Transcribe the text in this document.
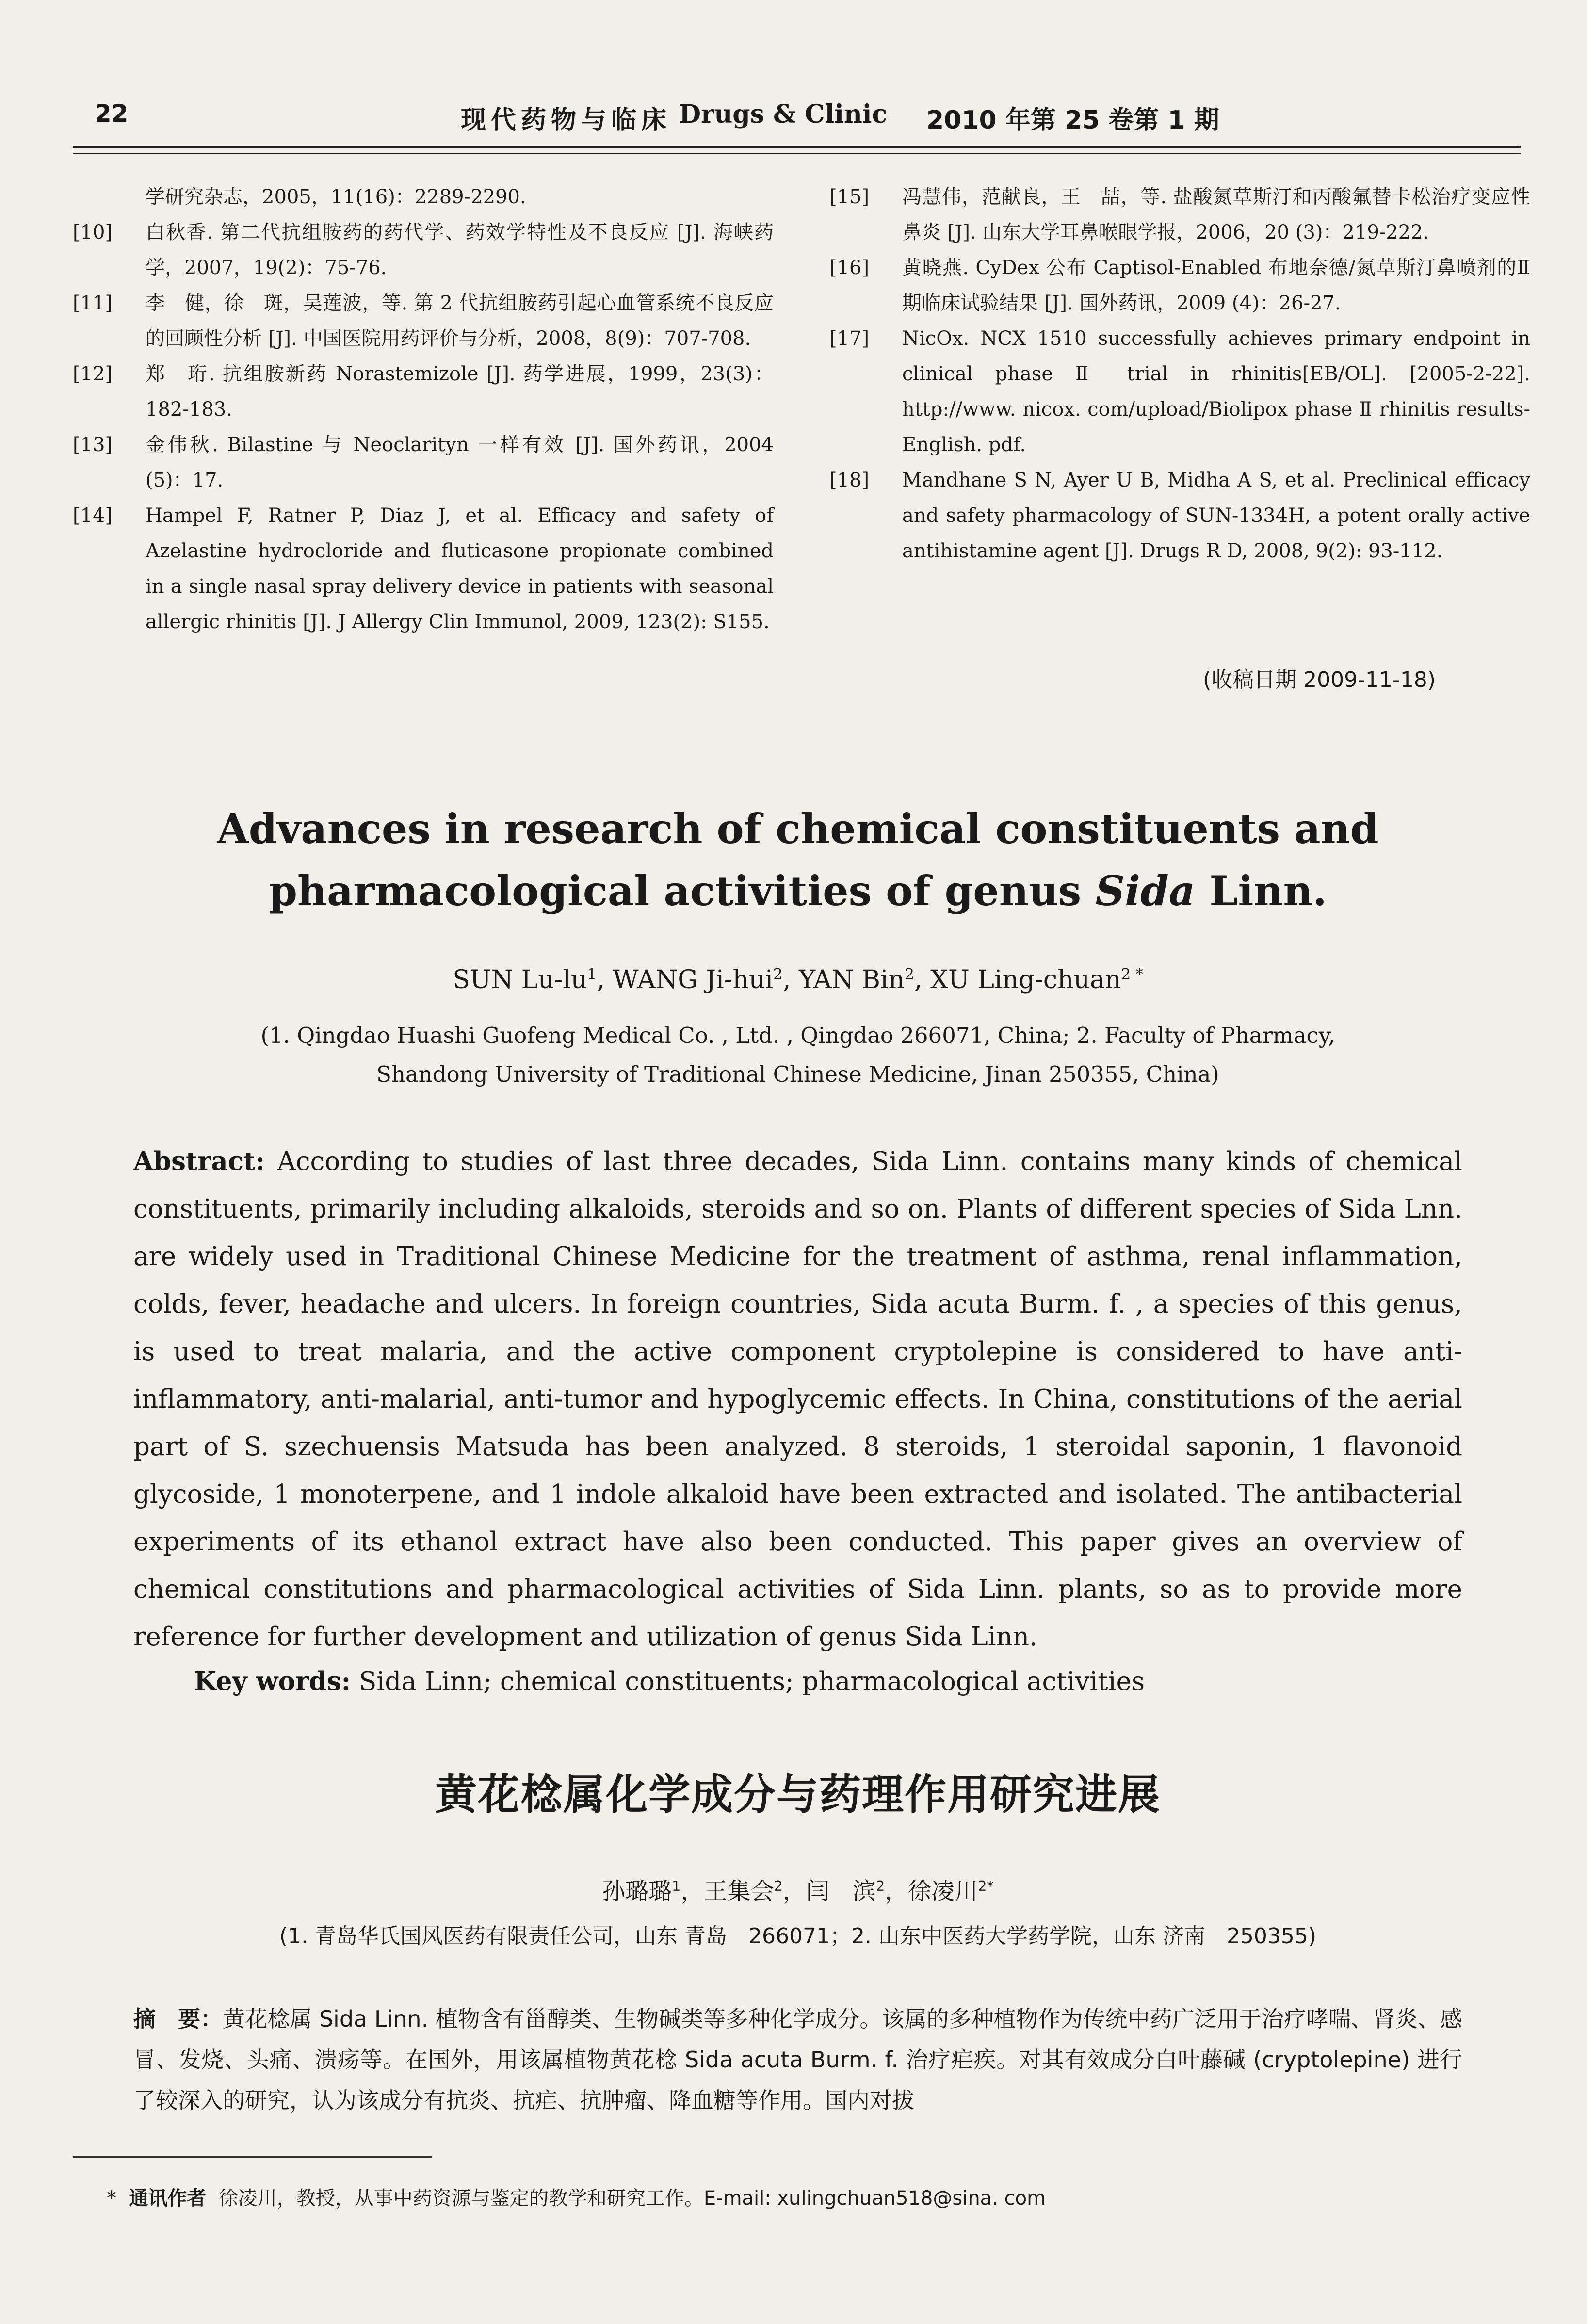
22	现代药物与临床 Drugs & Clinic 2010 年第 25 卷第 1 期

学研究杂志，2005，11(16)：2289-2290.

[10] 白秋香. 第二代抗组胺药的药代学、药效学特性及不良反应 [J]. 海峡药学，2007，19(2)：75-76.

[11] 李　健，徐　斑，吴莲波，等. 第 2 代抗组胺药引起心血管系统不良反应的回顾性分析 [J]. 中国医院用药评价与分析，2008，8(9)：707-708.

[12] 郑　珩. 抗组胺新药 Norastemizole [J]. 药学进展，1999，23(3)：182-183.

[13] 金伟秋. Bilastine 与 Neoclarityn 一样有效 [J]. 国外药讯，2004 (5)：17.

[14] Hampel F, Ratner P, Diaz J, et al. Efficacy and safety of Azelastine hydrocloride and fluticasone propionate combined in a single nasal spray delivery device in patients with seasonal allergic rhinitis [J]. J Allergy Clin Immunol, 2009, 123(2): S155.

[15] 冯慧伟，范献良，王　喆，等. 盐酸氮草斯汀和丙酸氟替卡松治疗变应性鼻炎 [J]. 山东大学耳鼻喉眼学报，2006，20 (3)：219-222.

[16] 黄晓燕. CyDex 公布 Captisol-Enabled 布地奈德/氮草斯汀鼻喷剂的Ⅱ期临床试验结果 [J]. 国外药讯，2009 (4)：26-27.

[17] NicOx. NCX 1510 successfully achieves primary endpoint in clinical phase Ⅱ trial in rhinitis[EB/OL]. [2005-2-22]. http://www. nicox. com/upload/Biolipox phase Ⅱ rhinitis results-English. pdf.

[18] Mandhane S N, Ayer U B, Midha A S, et al. Preclinical efficacy and safety pharmacology of SUN-1334H, a potent orally active antihistamine agent [J]. Drugs R D, 2008, 9(2): 93-112.

(收稿日期 2009-11-18)
Advances in research of chemical constituents and
pharmacological activities of genus Sida Linn.
SUN $Lu-lu^1$, WANG Ji-hui$^2$, YAN Bin$^2$, XU Ling-chuan$^{2 *}$
(1. Qingdao Huashi Guofeng Medical Co. , Ltd. , Qingdao 266071, China; 2. Faculty of Pharmacy,
Shandong University of Traditional Chinese Medicine, Jinan 250355, China)
Abstract: According to studies of last three decades, Sida Linn. contains many kinds of chemical constituents, primarily including alkaloids, steroids and so on. Plants of different species of Sida Lnn. are widely used in Traditional Chinese Medicine for the treatment of asthma, renal inflammation, colds, fever, headache and ulcers. In foreign countries, Sida acuta Burm. f. , a species of this genus, is used to treat malaria, and the active component cryptolepine is considered to have anti-inflammatory, anti-malarial, anti-tumor and hypoglycemic effects. In China, constitutions of the aerial part of S. szechuensis Matsuda has been analyzed. 8 steroids, 1 steroidal saponin, 1 flavonoid glycoside, 1 monoterpene, and 1 indole alkaloid have been extracted and isolated. The antibacterial experiments of its ethanol extract have also been conducted. This paper gives an overview of chemical constitutions and pharmacological activities of Sida Linn. plants, so as to provide more reference for further development and utilization of genus Sida Linn.
Key words: Sida Linn; chemical constituents; pharmacological activities
黄花棯属化学成分与药理作用研究进展
孙璐璐$^1$，王集会$^2$，闫　滨$^2$，徐凌川$^{2*}$
(1. 青岛华氏国风医药有限责任公司，山东 青岛　266071；2. 山东中医药大学药学院，山东 济南　250355)
摘　要：黄花棯属 Sida Linn. 植物含有甾醇类、生物碱类等多种化学成分。该属的多种植物作为传统中药广泛用于治疗哮喘、肾炎、感冒、发烧、头痛、溃疡等。在国外，用该属植物黄花棯 Sida acuta Burm. f. 治疗疟疾。对其有效成分白叶藤碱 (cryptolepine) 进行了较深入的研究，认为该成分有抗炎、抗疟、抗肿瘤、降血糖等作用。国内对拔
* 通讯作者 徐凌川，教授，从事中药资源与鉴定的教学和研究工作。E-mail: xulingchuan518@sina. com
